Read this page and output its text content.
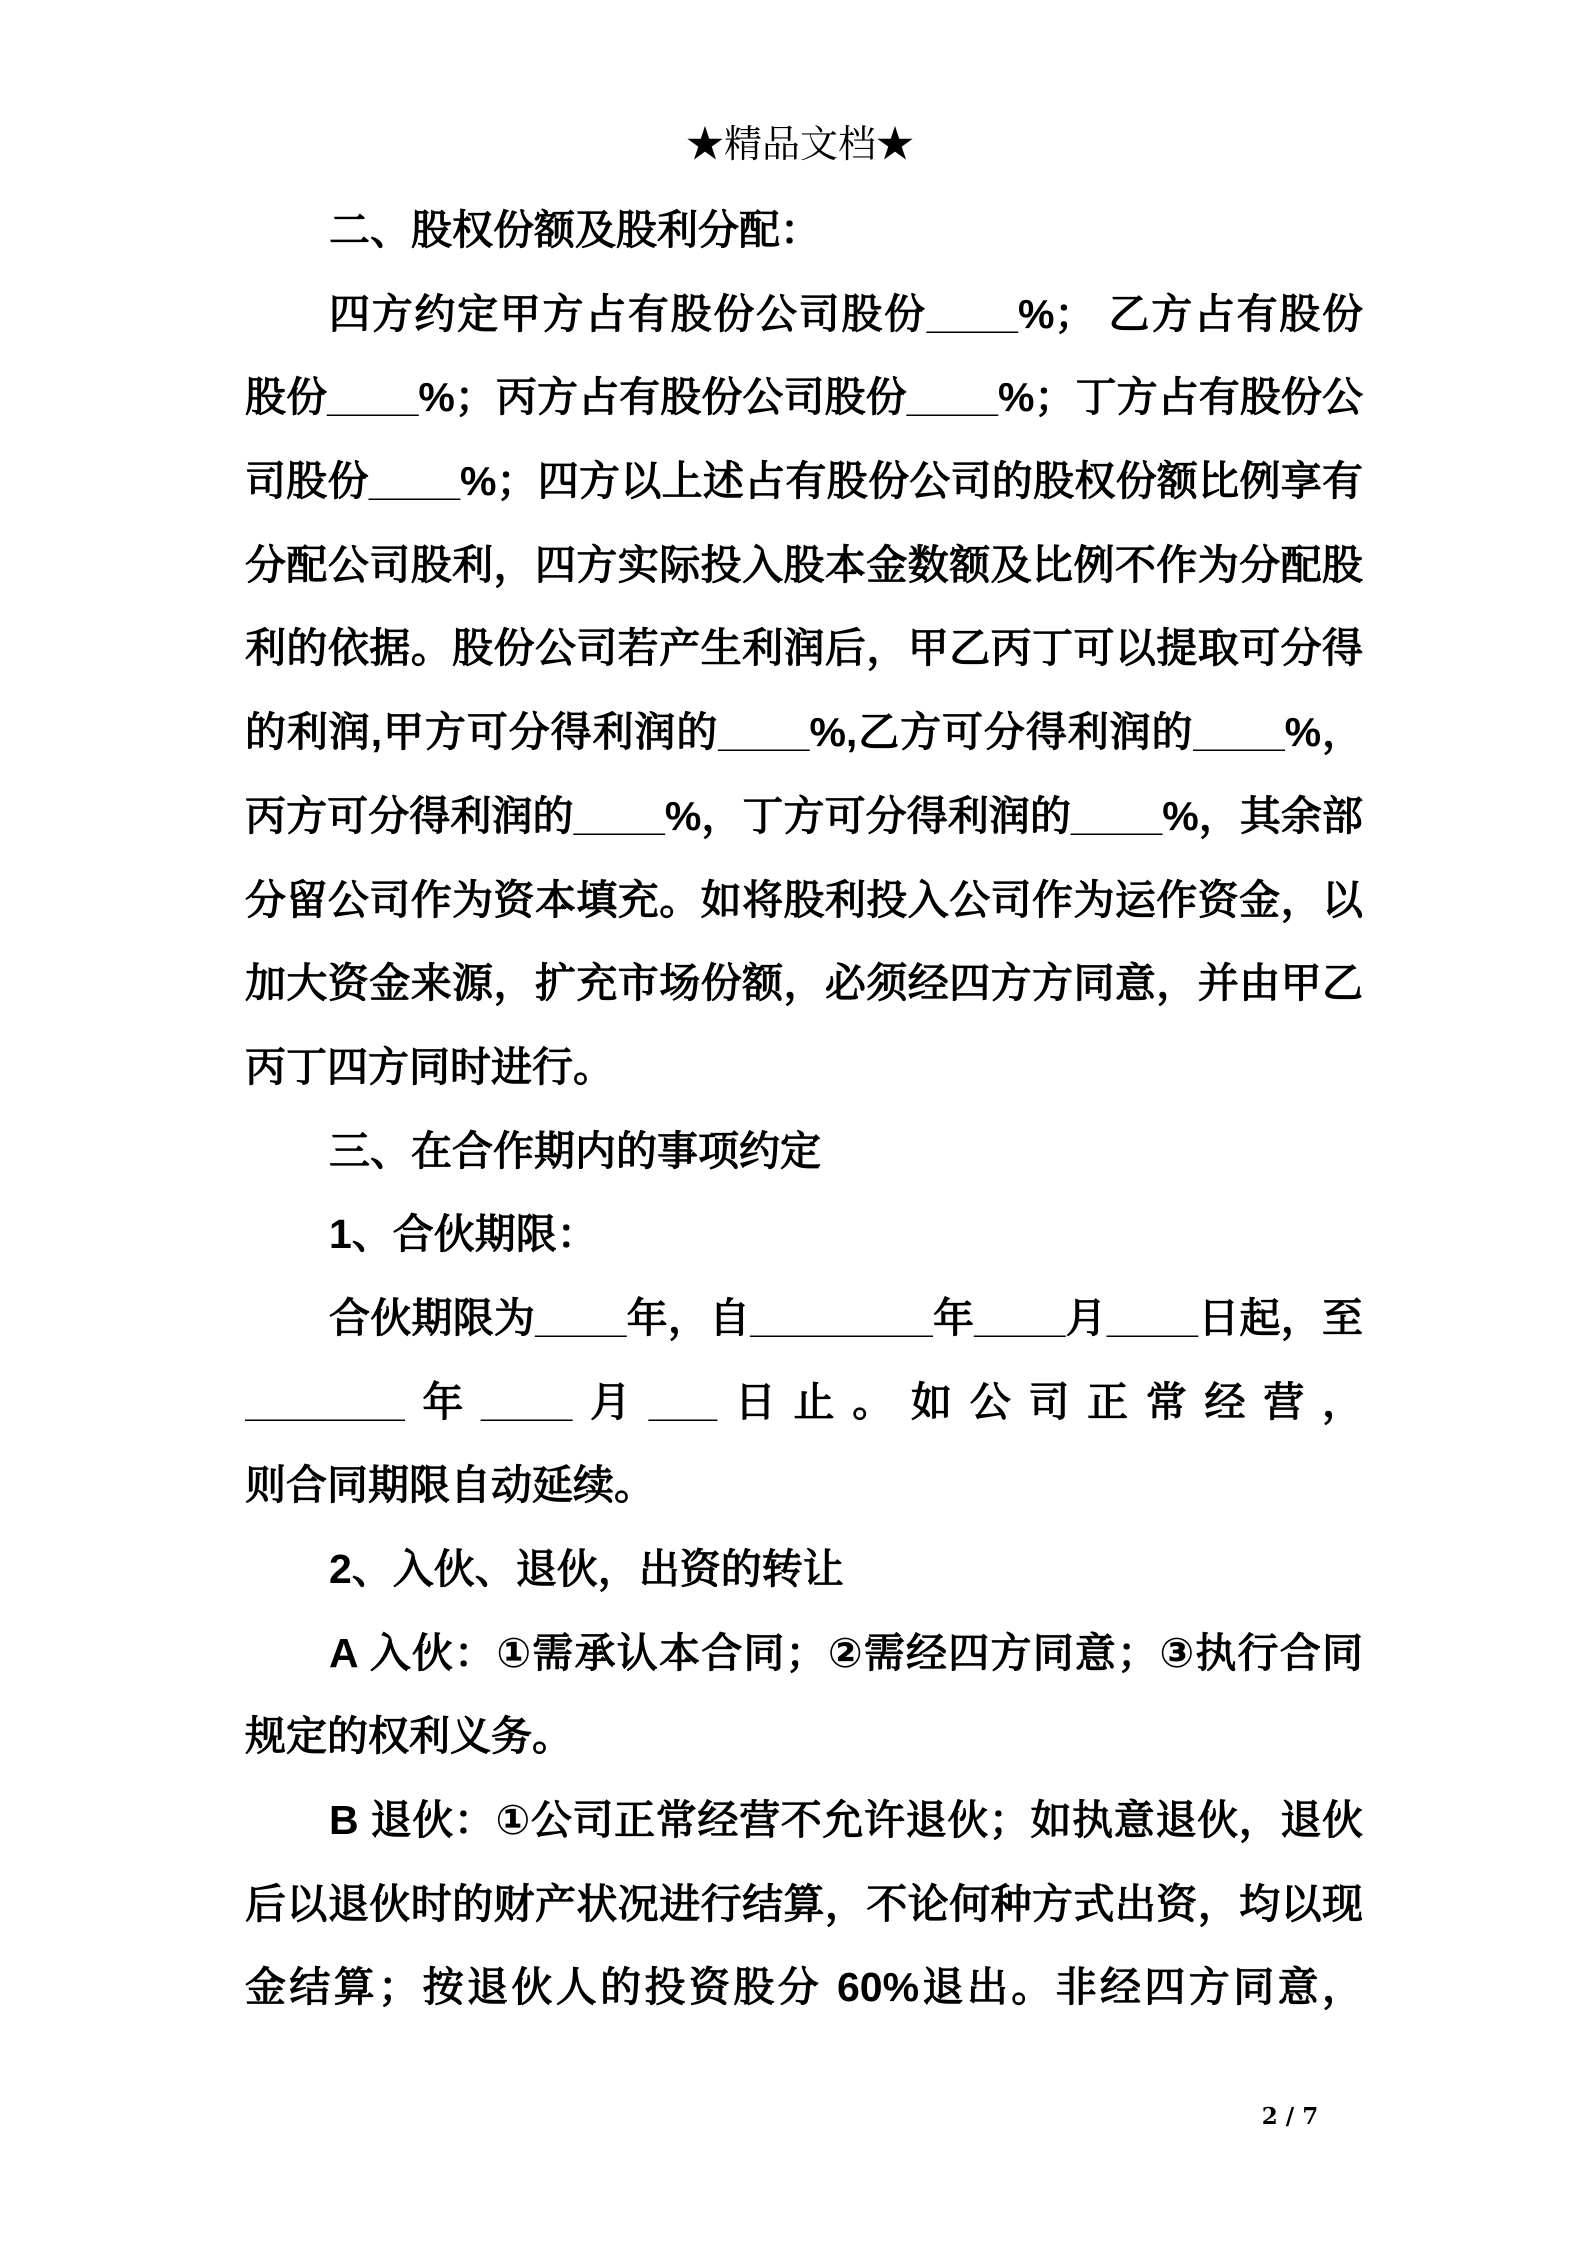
★精品文档★
二、股权份额及股利分配：
四方约定甲方占有股份公司股份____%； 乙方占有股份
股份____%；丙方占有股份公司股份____%；丁方占有股份公
司股份____%；四方以上述占有股份公司的股权份额比例享有
分配公司股利，四方实际投入股本金数额及比例不作为分配股
利的依据。股份公司若产生利润后，甲乙丙丁可以提取可分得
的利润,甲方可分得利润的____%,乙方可分得利润的____%，
丙方可分得利润的____%，丁方可分得利润的____%，其余部
分留公司作为资本填充。如将股利投入公司作为运作资金，以
加大资金来源，扩充市场份额，必须经四方方同意，并由甲乙
丙丁四方同时进行。
三、在合作期内的事项约定
1、合伙期限：
合伙期限为____年，自________年____月____日起，至
_______年____月___日止。如公司正常经营，
则合同期限自动延续。
2、入伙、退伙，出资的转让
A 入伙：①需承认本合同；②需经四方同意；③执行合同
规定的权利义务。
B 退伙：①公司正常经营不允许退伙；如执意退伙，退伙
后以退伙时的财产状况进行结算，不论何种方式出资，均以现
金结算；按退伙人的投资股分 60%退出。非经四方同意，
2 / 7
